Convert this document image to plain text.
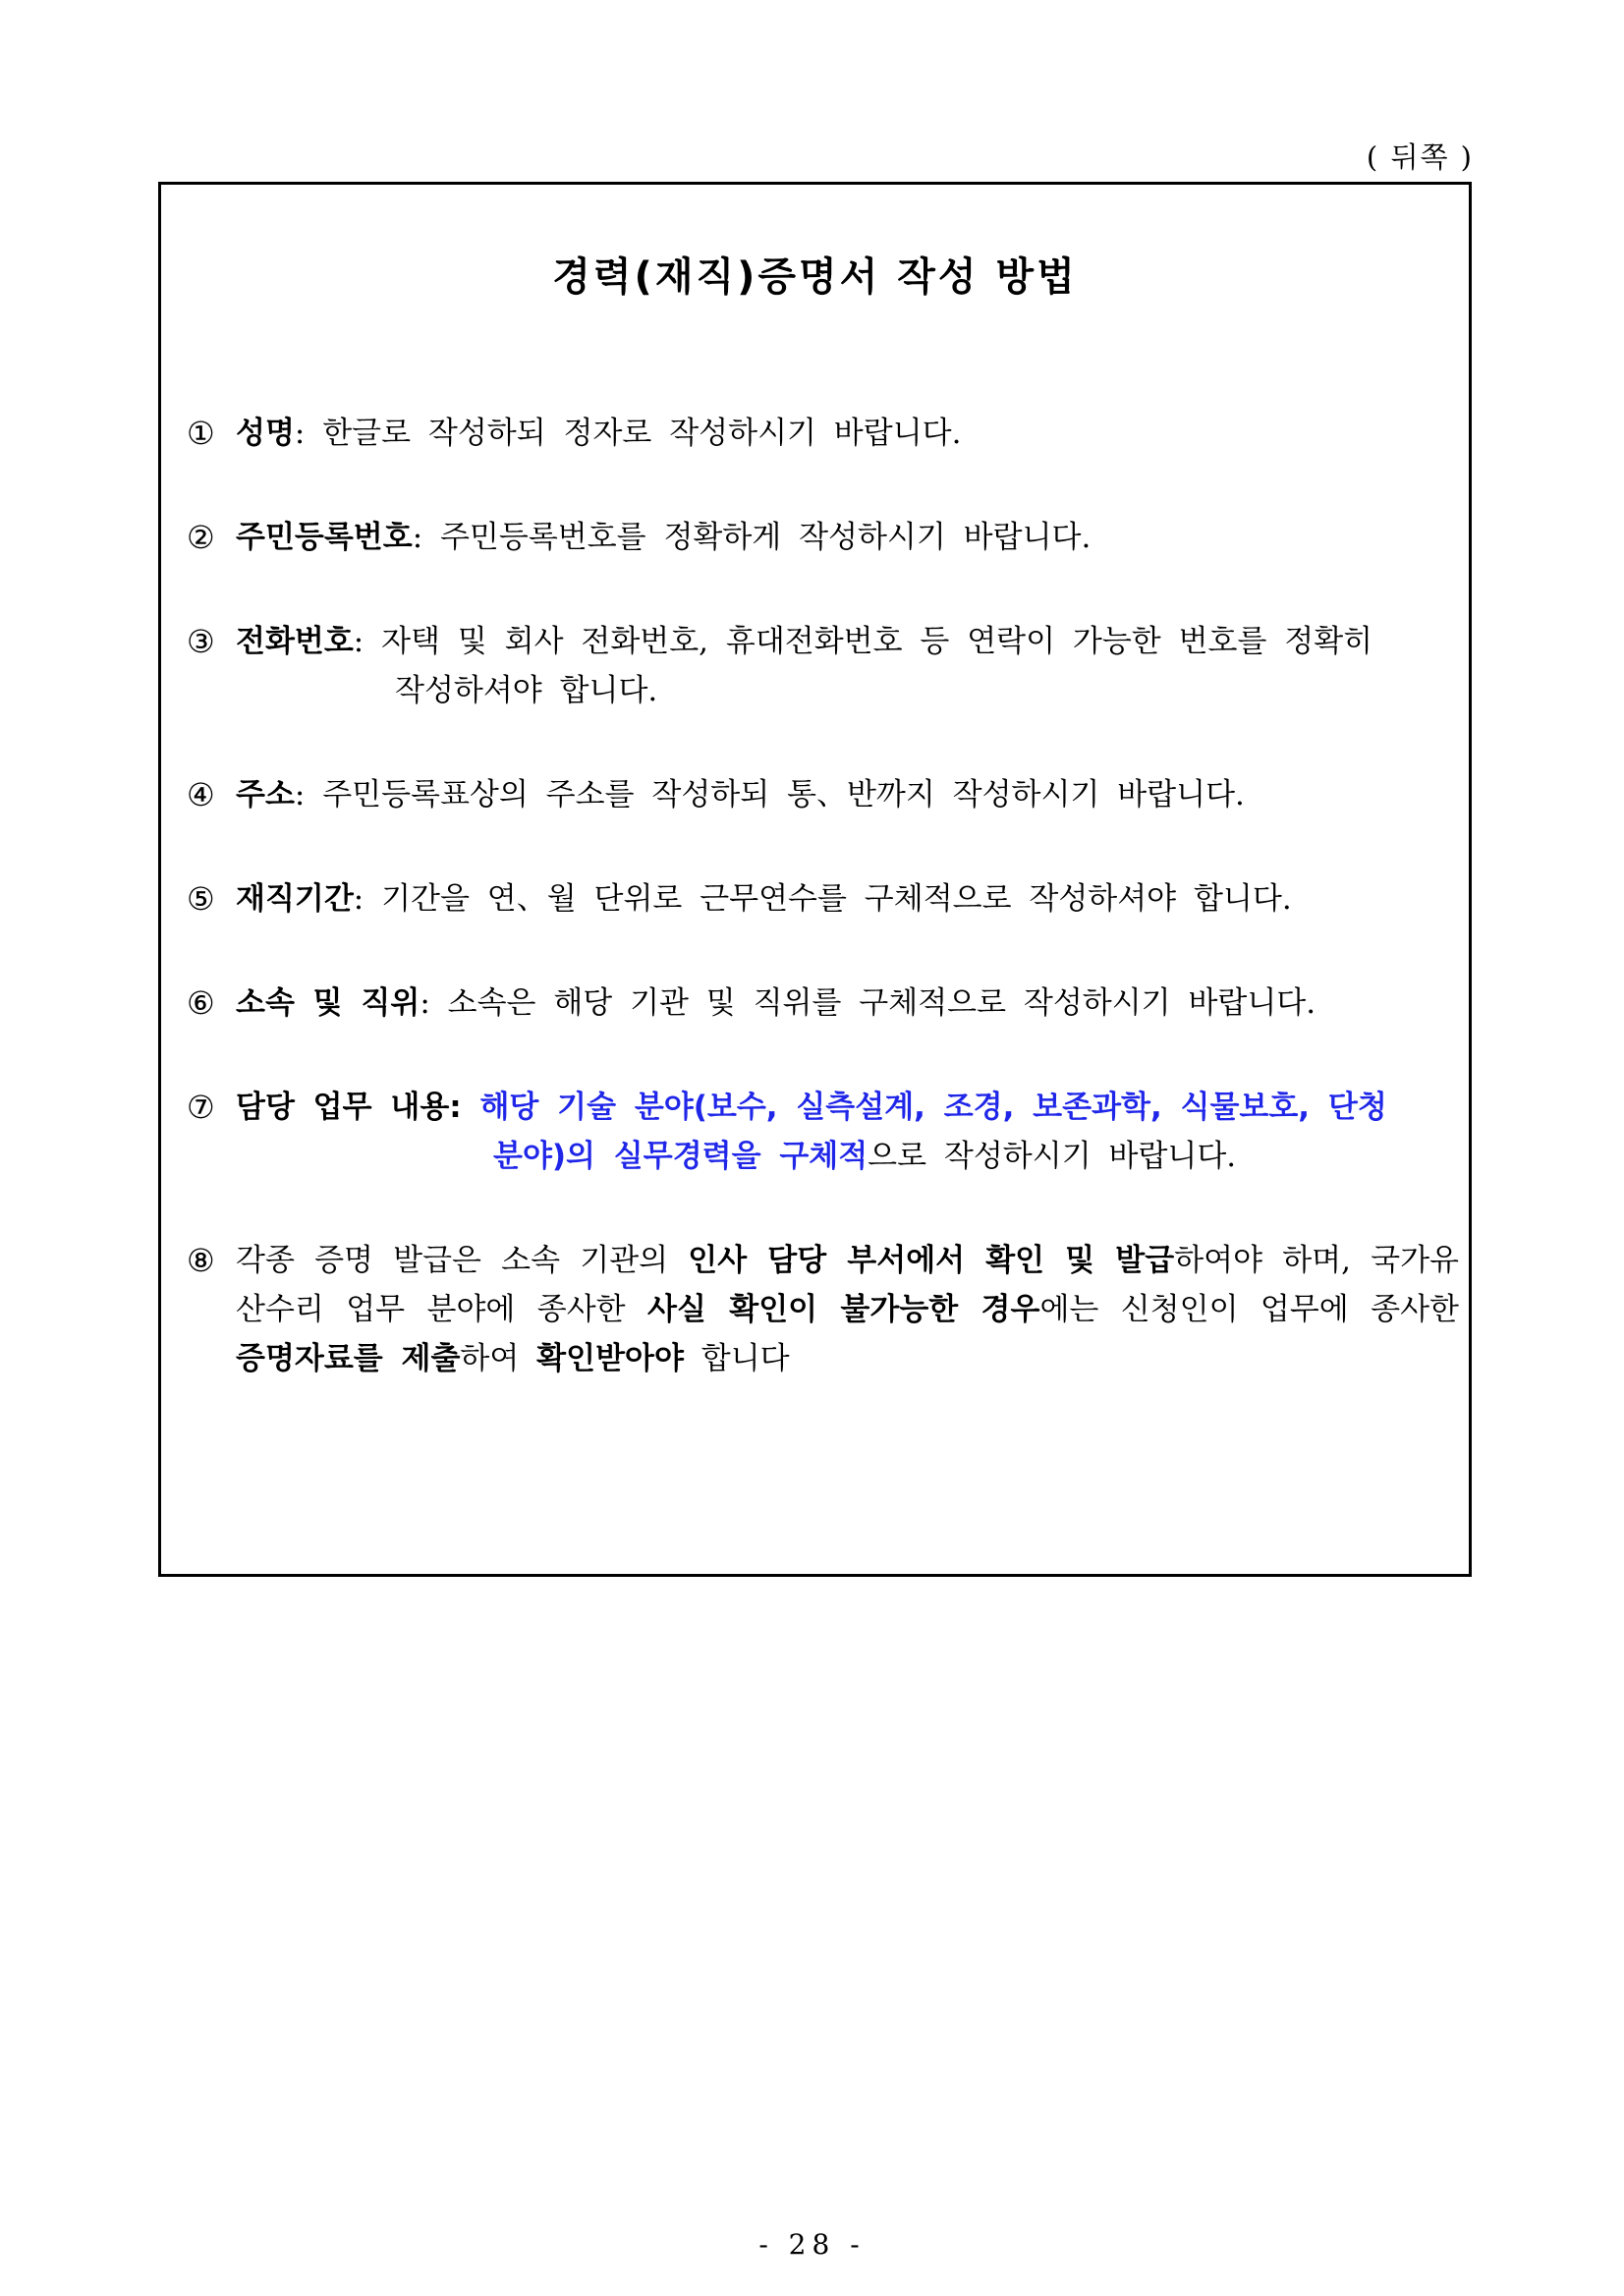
( 뒤쪽 )
경력(재직)증명서 작성 방법
① 성명: 한글로 작성하되 정자로 작성하시기 바랍니다.
② 주민등록번호: 주민등록번호를 정확하게 작성하시기 바랍니다.
③ 전화번호: 자택 및 회사 전화번호, 휴대전화번호 등 연락이 가능한 번호를 정확히
작성하셔야 합니다.
④ 주소: 주민등록표상의 주소를 작성하되 통、반까지 작성하시기 바랍니다.
⑤ 재직기간: 기간을 연、월 단위로 근무연수를 구체적으로 작성하셔야 합니다.
⑥ 소속 및 직위: 소속은 해당 기관 및 직위를 구체적으로 작성하시기 바랍니다.
⑦ 담당 업무 내용: 해당 기술 분야(보수, 실측설계, 조경, 보존과학, 식물보호, 단청
분야)의 실무경력을 구체적으로 작성하시기 바랍니다.
⑧ 각종 증명 발급은 소속 기관의 인사 담당 부서에서 확인 및 발급하여야 하며, 국가유산수리 업무 분야에 종사한 사실 확인이 불가능한 경우에는 신청인이 업무에 종사한 증명자료를 제출하여 확인받아야 합니다
- 28 -
